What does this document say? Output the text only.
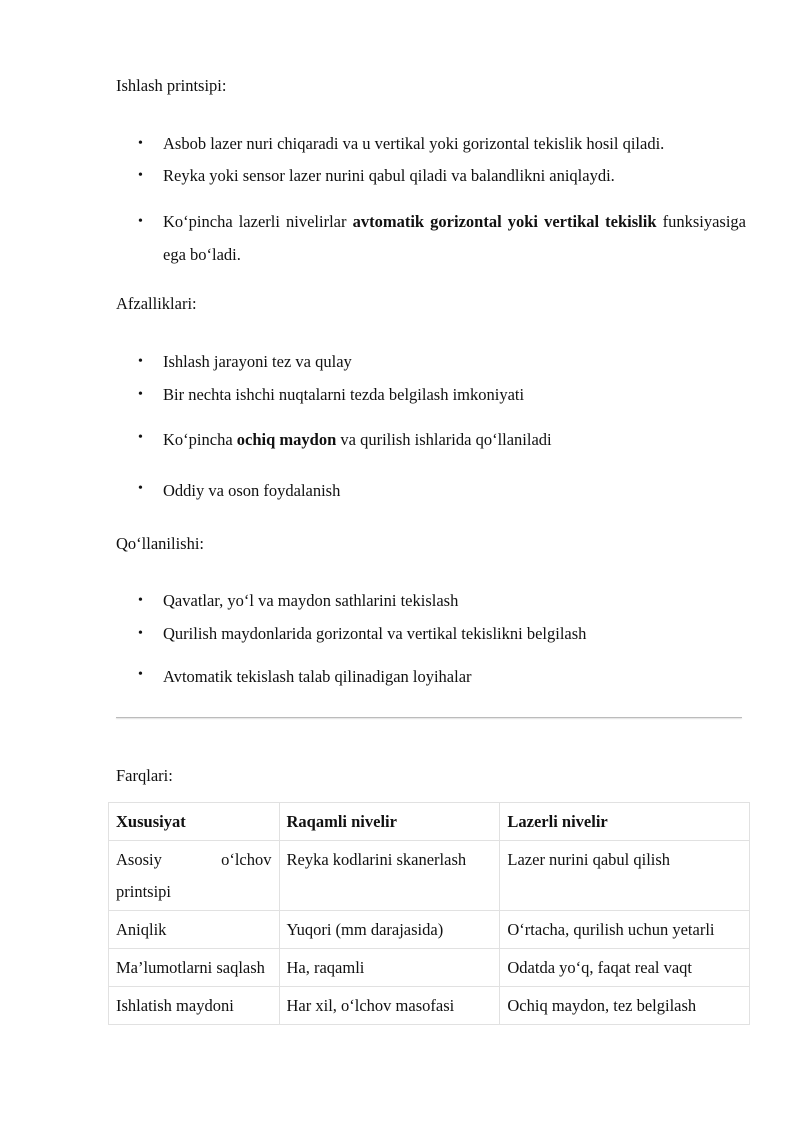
Ishlash printsipi:

• Asbob lazer nuri chiqaradi va u vertikal yoki gorizontal tekislik hosil qiladi.
• Reyka yoki sensor lazer nurini qabul qiladi va balandlikni aniqlaydi.
• Ko‘pincha lazerli nivelirlar avtomatik gorizontal yoki vertikal tekislik funksiyasiga ega bo‘ladi.

Afzalliklari:

• Ishlash jarayoni tez va qulay
• Bir nechta ishchi nuqtalarni tezda belgilash imkoniyati
• Ko‘pincha ochiq maydon va qurilish ishlarida qo‘llaniladi
• Oddiy va oson foydalanish

Qo‘llanilishi:

• Qavatlar, yo‘l va maydon sathlarini tekislash
• Qurilish maydonlarida gorizontal va vertikal tekislikni belgilash
• Avtomatik tekislash talab qilinadigan loyihalar

Farqlari:

Xususiyat	Raqamli nivelir	Lazerli nivelir
Asosiy o‘lchov printsipi	Reyka kodlarini skanerlash	Lazer nurini qabul qilish
Aniqlik	Yuqori (mm darajasida)	O‘rtacha, qurilish uchun yetarli
Ma’lumotlarni saqlash	Ha, raqamli	Odatda yo‘q, faqat real vaqt
Ishlatish maydoni	Har xil, o‘lchov masofasi	Ochiq maydon, tez belgilash
